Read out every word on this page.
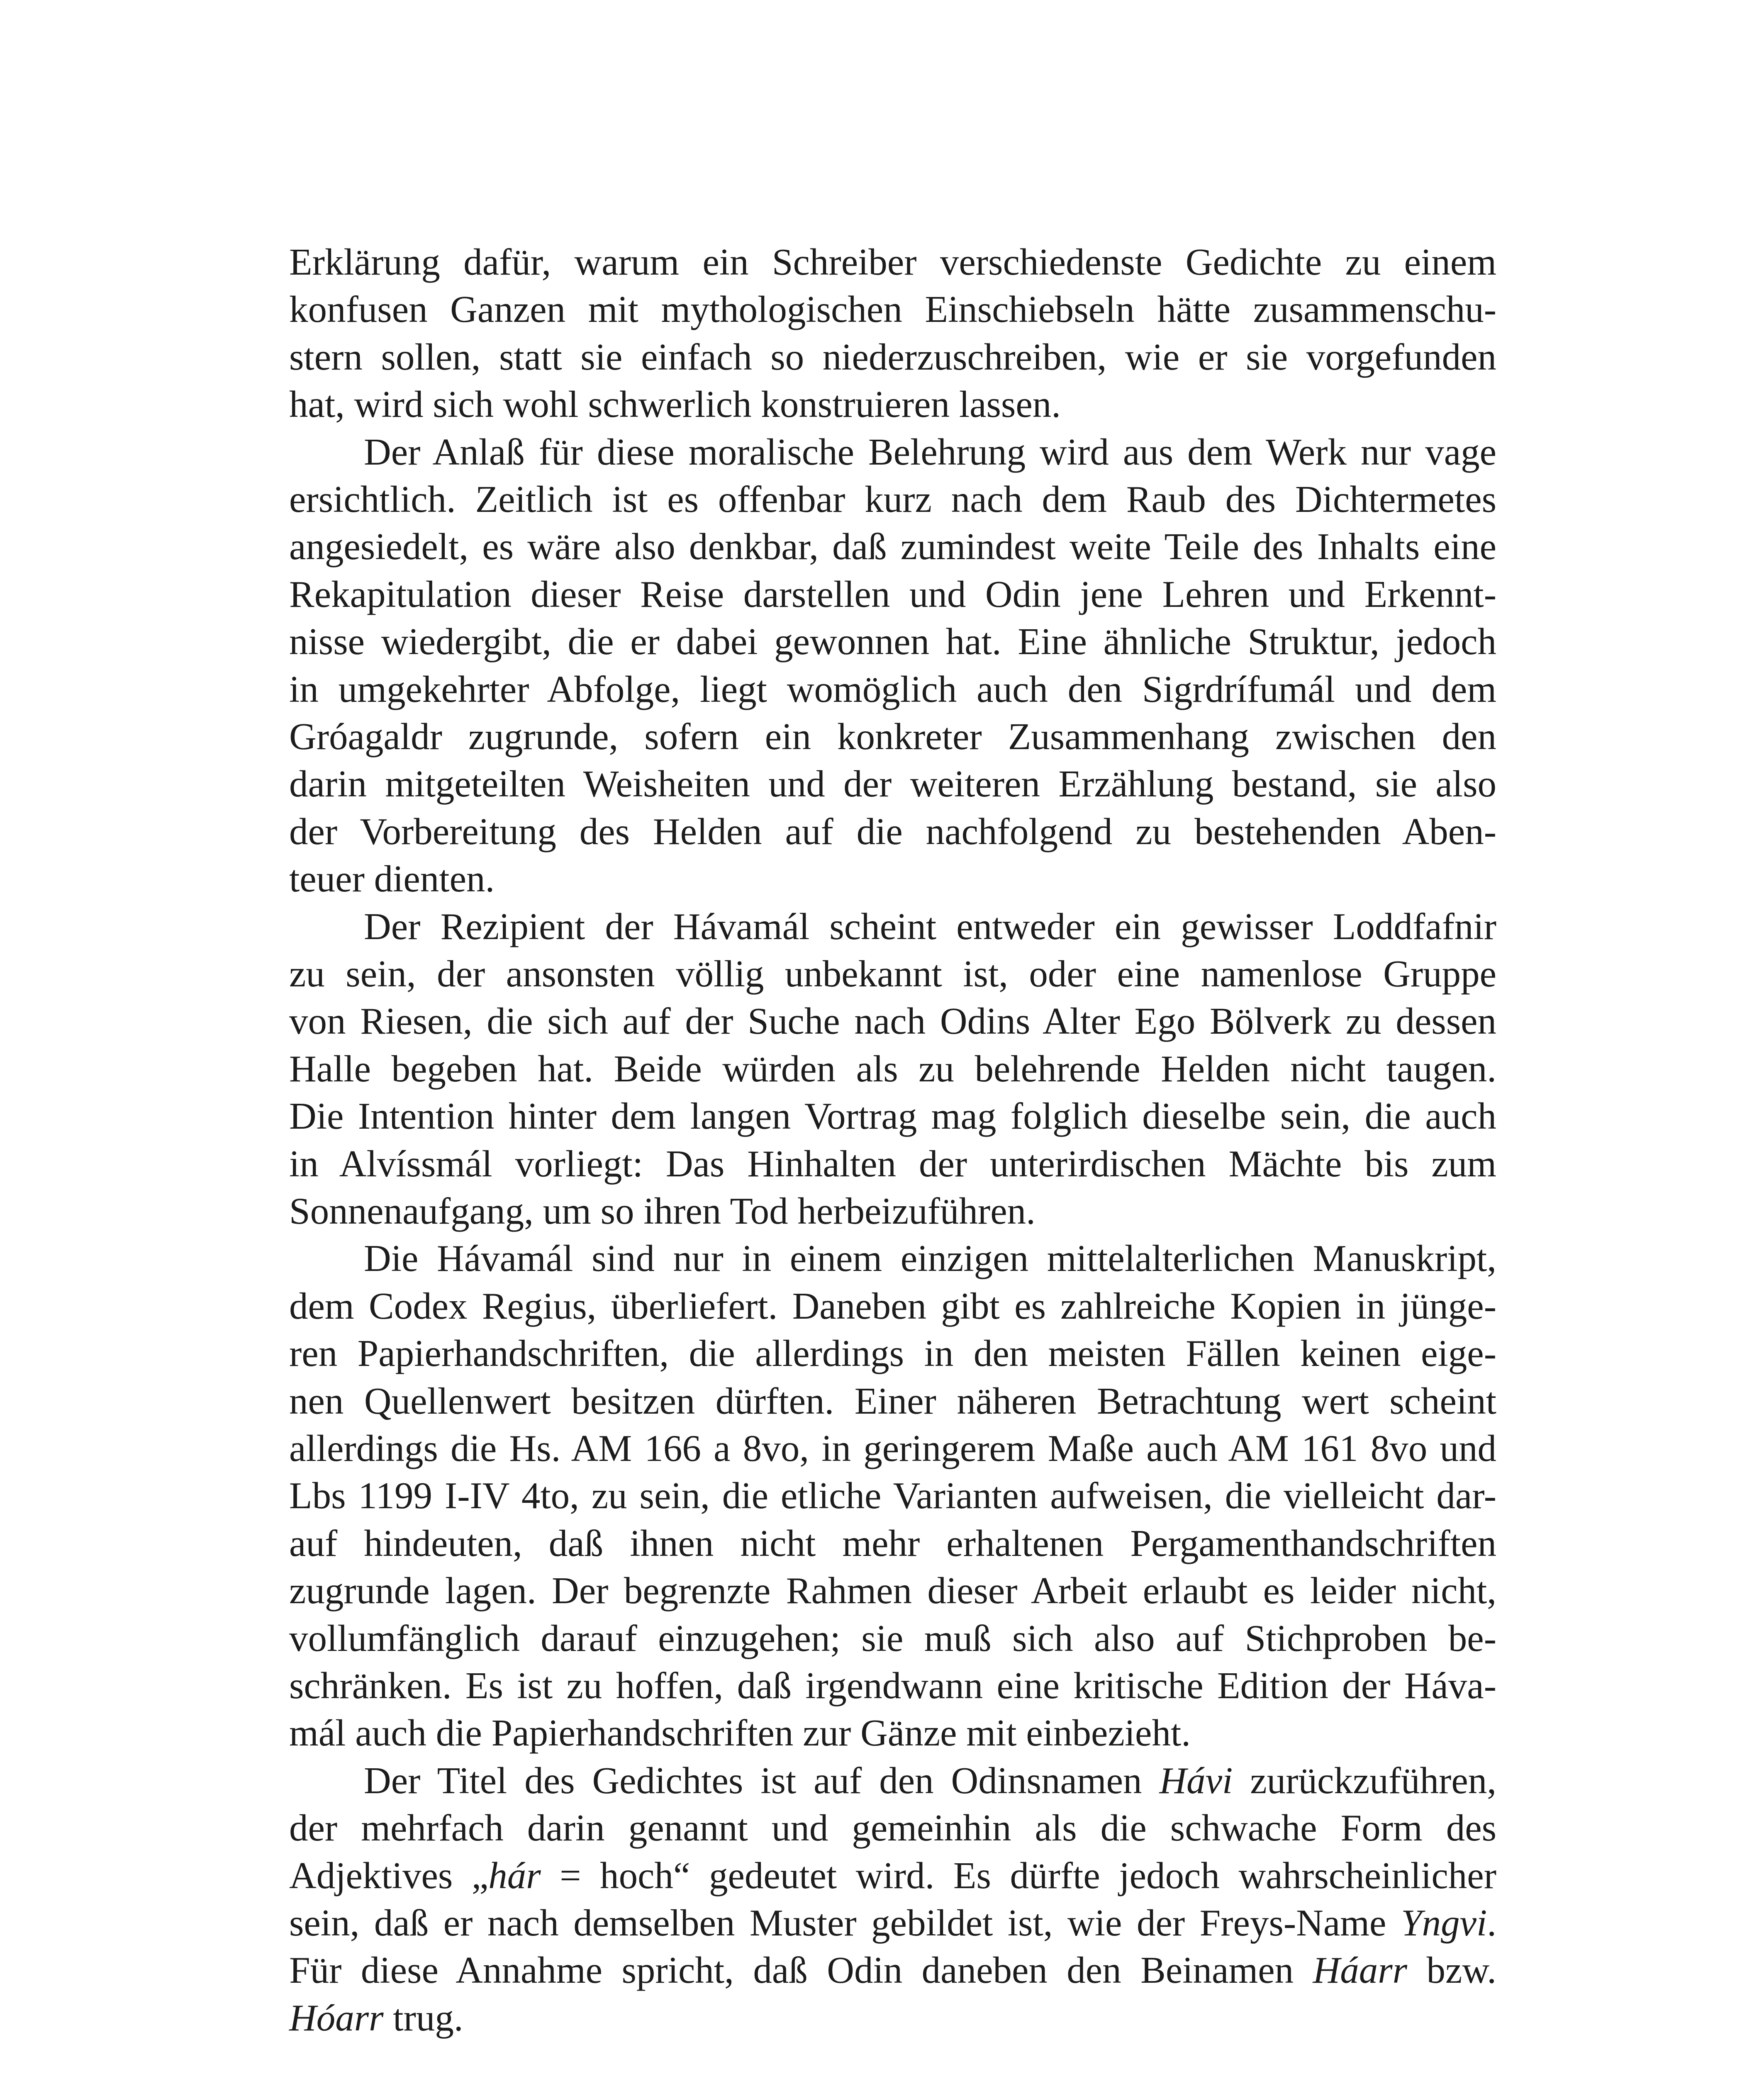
Erklärung dafür, warum ein Schreiber verschiedenste Gedichte zu einem
konfusen Ganzen mit mythologischen Einschiebseln hätte zusammenschu-
stern sollen, statt sie einfach so niederzuschreiben, wie er sie vorgefunden
hat, wird sich wohl schwerlich konstruieren lassen.
Der Anlaß für diese moralische Belehrung wird aus dem Werk nur vage
ersichtlich. Zeitlich ist es offenbar kurz nach dem Raub des Dichtermetes
angesiedelt, es wäre also denkbar, daß zumindest weite Teile des Inhalts eine
Rekapitulation dieser Reise darstellen und Odin jene Lehren und Erkennt-
nisse wiedergibt, die er dabei gewonnen hat. Eine ähnliche Struktur, jedoch
in umgekehrter Abfolge, liegt womöglich auch den Sigrdrífumál und dem
Gróagaldr zugrunde, sofern ein konkreter Zusammenhang zwischen den
darin mitgeteilten Weisheiten und der weiteren Erzählung bestand, sie also
der Vorbereitung des Helden auf die nachfolgend zu bestehenden Aben-
teuer dienten.
Der Rezipient der Hávamál scheint entweder ein gewisser Loddfafnir
zu sein, der ansonsten völlig unbekannt ist, oder eine namenlose Gruppe
von Riesen, die sich auf der Suche nach Odins Alter Ego Bölverk zu dessen
Halle begeben hat. Beide würden als zu belehrende Helden nicht taugen.
Die Intention hinter dem langen Vortrag mag folglich dieselbe sein, die auch
in Alvíssmál vorliegt: Das Hinhalten der unterirdischen Mächte bis zum
Sonnenaufgang, um so ihren Tod herbeizuführen.
Die Hávamál sind nur in einem einzigen mittelalterlichen Manuskript,
dem Codex Regius, überliefert. Daneben gibt es zahlreiche Kopien in jünge-
ren Papierhandschriften, die allerdings in den meisten Fällen keinen eige-
nen Quellenwert besitzen dürften. Einer näheren Betrachtung wert scheint
allerdings die Hs. AM 166 a 8vo, in geringerem Maße auch AM 161 8vo und
Lbs 1199 I-IV 4to, zu sein, die etliche Varianten aufweisen, die vielleicht dar-
auf hindeuten, daß ihnen nicht mehr erhaltenen Pergamenthandschriften
zugrunde lagen. Der begrenzte Rahmen dieser Arbeit erlaubt es leider nicht,
vollumfänglich darauf einzugehen; sie muß sich also auf Stichproben be-
schränken. Es ist zu hoffen, daß irgendwann eine kritische Edition der Háva-
mál auch die Papierhandschriften zur Gänze mit einbezieht.
Der Titel des Gedichtes ist auf den Odinsnamen Hávi zurückzuführen,
der mehrfach darin genannt und gemeinhin als die schwache Form des
Adjektives „hár = hoch“ gedeutet wird. Es dürfte jedoch wahrscheinlicher
sein, daß er nach demselben Muster gebildet ist, wie der Freys-Name Yngvi.
Für diese Annahme spricht, daß Odin daneben den Beinamen Háarr bzw.
Hóarr trug.
